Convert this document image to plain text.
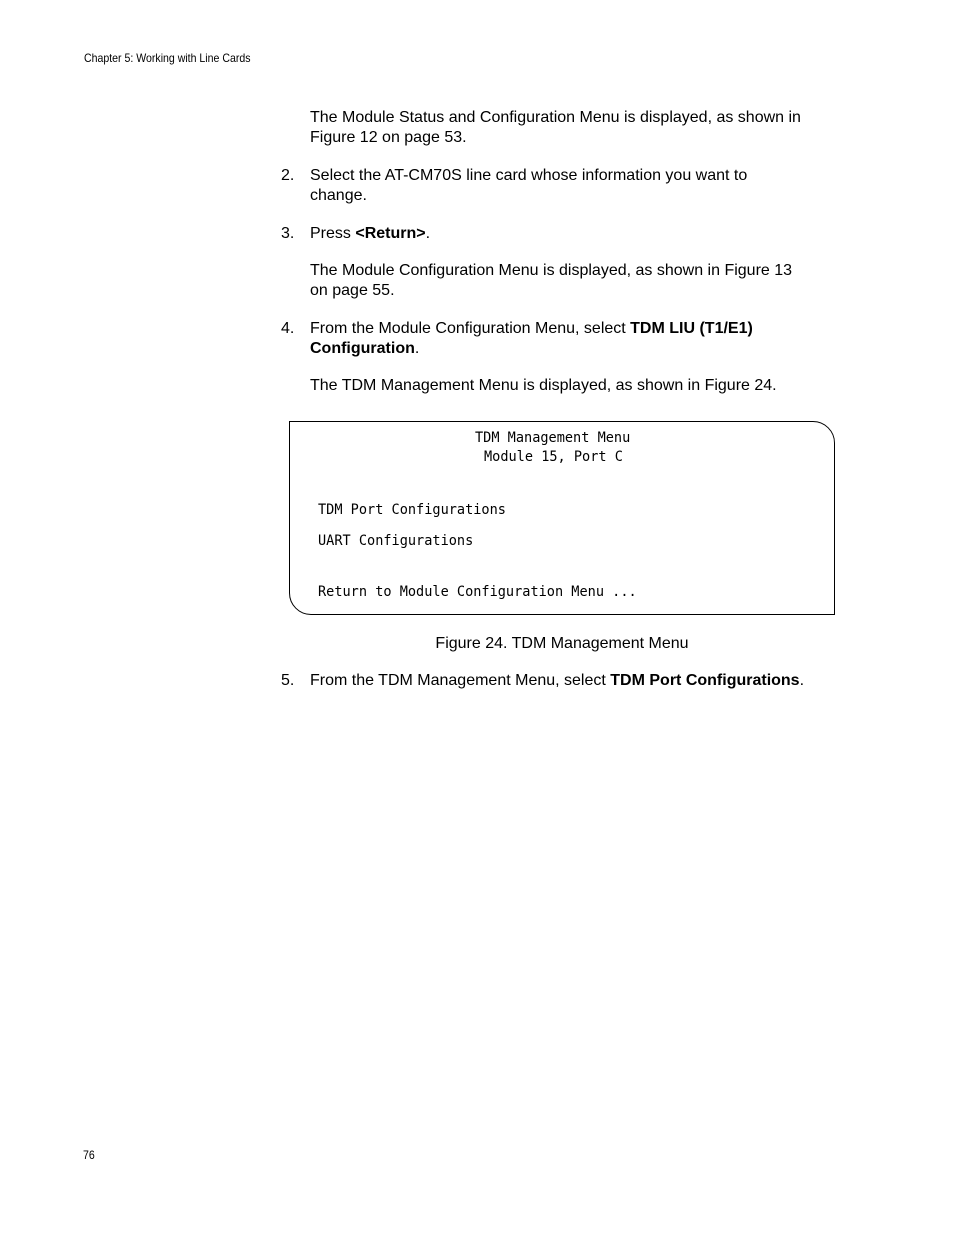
Chapter 5: Working with Line Cards
The Module Status and Configuration Menu is displayed, as shown in
Figure 12 on page 53.
2. Select the AT-CM70S line card whose information you want to
change.
3. Press <Return>.
The Module Configuration Menu is displayed, as shown in Figure 13
on page 55.
4. From the Module Configuration Menu, select TDM LIU (T1/E1)
Configuration.
The TDM Management Menu is displayed, as shown in Figure 24.
TDM Management Menu
Module 15, Port C
TDM Port Configurations
UART Configurations
Return to Module Configuration Menu ...
Figure 24. TDM Management Menu
5. From the TDM Management Menu, select TDM Port Configurations.
76
